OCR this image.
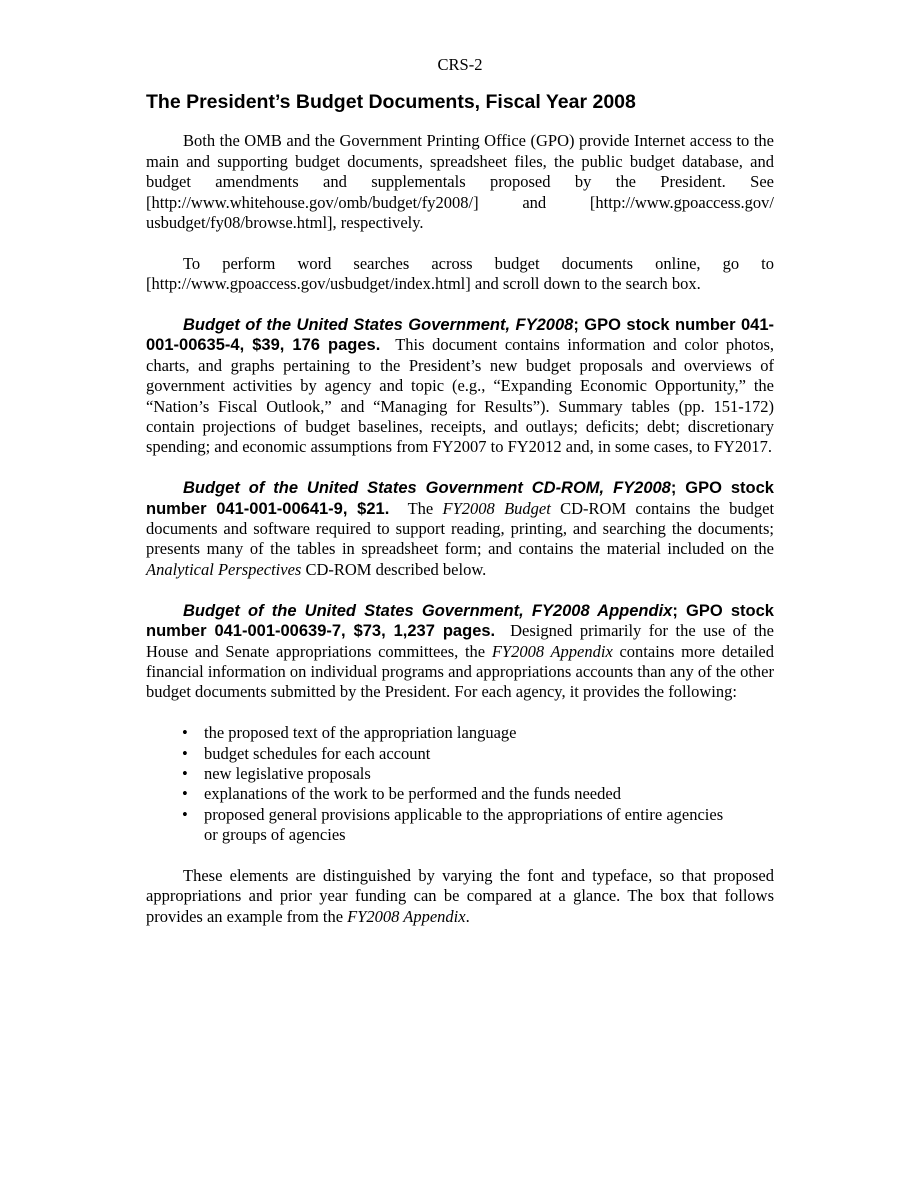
CRS-2
The President’s Budget Documents, Fiscal Year 2008

Both the OMB and the Government Printing Office (GPO) provide Internet access to the main and supporting budget documents, spreadsheet files, the public budget database, and budget amendments and supplementals proposed by the President. See [http://www.whitehouse.gov/omb/budget/fy2008/] and [http://www.gpoaccess.gov/ usbudget/fy08/browse.html], respectively.

To perform word searches across budget documents online, go to [http://www.gpoaccess.gov/usbudget/index.html] and scroll down to the search box.

Budget of the United States Government, FY2008; GPO stock number 041-001-00635-4, $39, 176 pages. This document contains information and color photos, charts, and graphs pertaining to the President’s new budget proposals and overviews of government activities by agency and topic (e.g., “Expanding Economic Opportunity,” the “Nation’s Fiscal Outlook,” and “Managing for Results”). Summary tables (pp. 151-172) contain projections of budget baselines, receipts, and outlays; deficits; debt; discretionary spending; and economic assumptions from FY2007 to FY2012 and, in some cases, to FY2017.

Budget of the United States Government CD-ROM, FY2008; GPO stock number 041-001-00641-9, $21. The FY2008 Budget CD-ROM contains the budget documents and software required to support reading, printing, and searching the documents; presents many of the tables in spreadsheet form; and contains the material included on the Analytical Perspectives CD-ROM described below.

Budget of the United States Government, FY2008 Appendix; GPO stock number 041-001-00639-7, $73, 1,237 pages. Designed primarily for the use of the House and Senate appropriations committees, the FY2008 Appendix contains more detailed financial information on individual programs and appropriations accounts than any of the other budget documents submitted by the President. For each agency, it provides the following:

• the proposed text of the appropriation language
• budget schedules for each account
• new legislative proposals
• explanations of the work to be performed and the funds needed
• proposed general provisions applicable to the appropriations of entire agencies or groups of agencies

These elements are distinguished by varying the font and typeface, so that proposed appropriations and prior year funding can be compared at a glance. The box that follows provides an example from the FY2008 Appendix.
